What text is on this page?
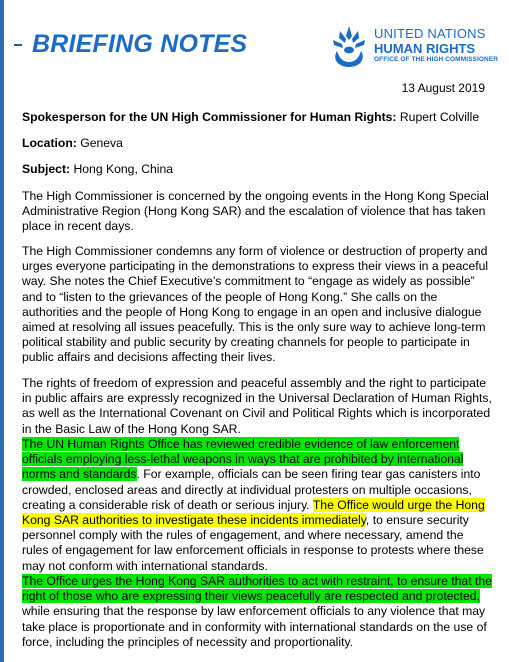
BRIEFING NOTES	UNITED NATIONS
HUMAN RIGHTS
OFFICE OF THE HIGH COMMISSIONER
13 August 2019
Spokesperson for the UN High Commissioner for Human Rights: Rupert Colville
Location: Geneva
Subject: Hong Kong, China
The High Commissioner is concerned by the ongoing events in the Hong Kong Special Administrative Region (Hong Kong SAR) and the escalation of violence that has taken place in recent days.
The High Commissioner condemns any form of violence or destruction of property and urges everyone participating in the demonstrations to express their views in a peaceful way. She notes the Chief Executive’s commitment to “engage as widely as possible” and to “listen to the grievances of the people of Hong Kong.” She calls on the authorities and the people of Hong Kong to engage in an open and inclusive dialogue aimed at resolving all issues peacefully. This is the only sure way to achieve long-term political stability and public security by creating channels for people to participate in public affairs and decisions affecting their lives.
The rights of freedom of expression and peaceful assembly and the right to participate in public affairs are expressly recognized in the Universal Declaration of Human Rights, as well as the International Covenant on Civil and Political Rights which is incorporated in the Basic Law of the Hong Kong SAR.
The UN Human Rights Office has reviewed credible evidence of law enforcement officials employing less-lethal weapons in ways that are prohibited by international norms and standards. For example, officials can be seen firing tear gas canisters into crowded, enclosed areas and directly at individual protesters on multiple occasions, creating a considerable risk of death or serious injury. The Office would urge the Hong Kong SAR authorities to investigate these incidents immediately, to ensure security personnel comply with the rules of engagement, and where necessary, amend the rules of engagement for law enforcement officials in response to protests where these may not conform with international standards.
The Office urges the Hong Kong SAR authorities to act with restraint, to ensure that the right of those who are expressing their views peacefully are respected and protected, while ensuring that the response by law enforcement officials to any violence that may take place is proportionate and in conformity with international standards on the use of force, including the principles of necessity and proportionality.
